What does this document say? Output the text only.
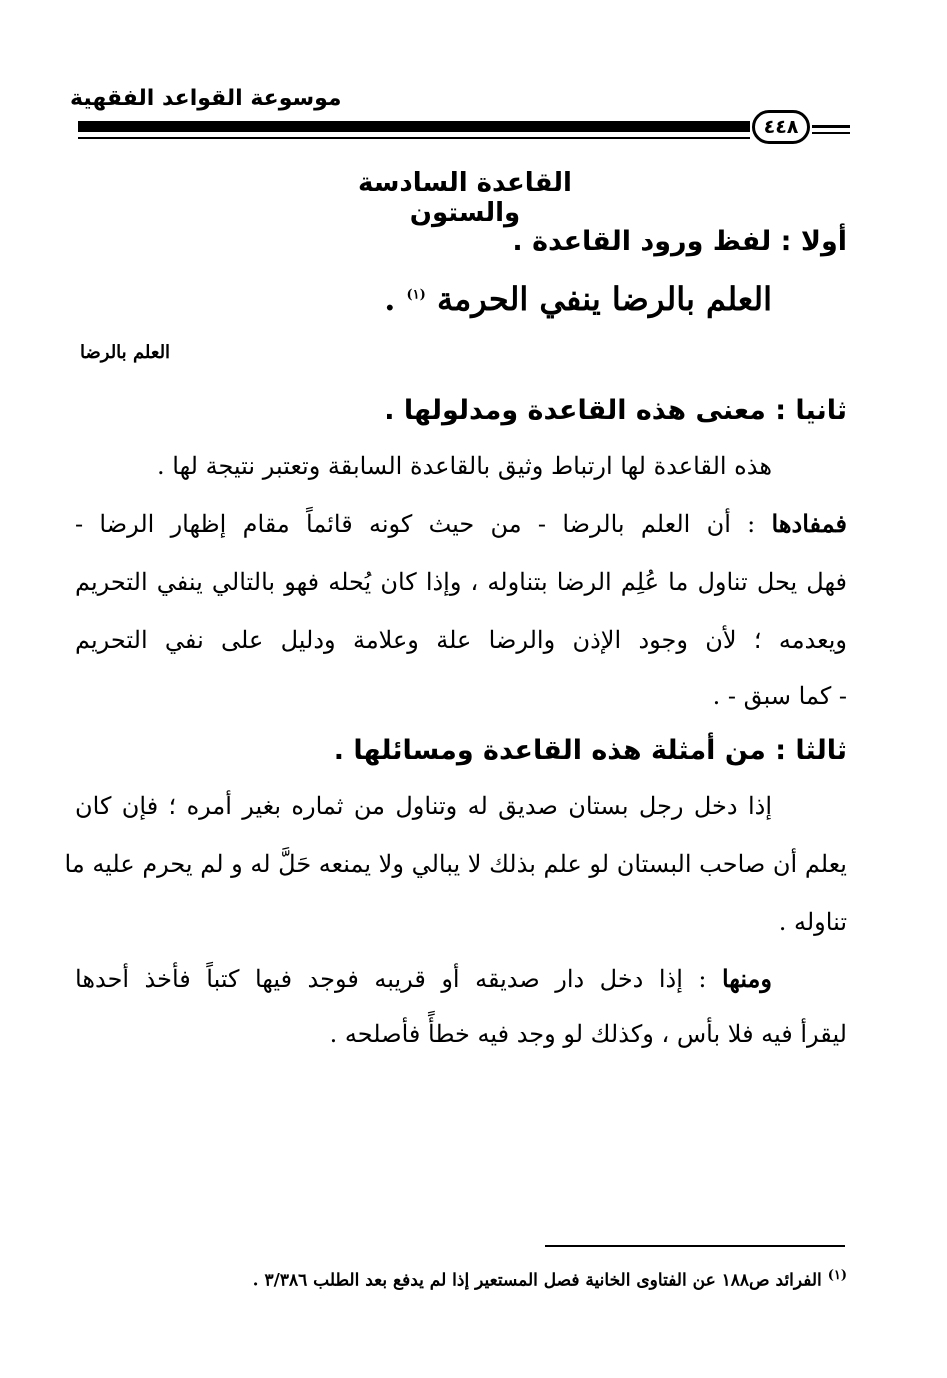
موسوعة القواعد الفقهية
٤٤٨
القاعدة السادسة والستون
أولا : لفظ ورود القاعدة .
العلم بالرضا ينفي الحرمة $^{(١)}$ .
العلم بالرضا
ثانيا : معنى هذه القاعدة ومدلولها .
هذه القاعدة لها ارتباط وثيق بالقاعدة السابقة وتعتبر نتيجة لها .
فمفادها : أن العلم بالرضا - من حيث كونه قائماً مقام إظهار الرضا -
فهل يحل تناول ما عُلِم الرضا بتناوله ، وإذا كان يُحله فهو بالتالي ينفي التحريم
ويعدمه ؛ لأن وجود الإذن والرضا علة وعلامة ودليل على نفي التحريم
- كما سبق - .
ثالثا : من أمثلة هذه القاعدة ومسائلها .
إذا دخل رجل بستان صديق له وتناول من ثماره بغير أمره ؛ فإن كان
يعلم أن صاحب البستان لو علم بذلك لا يبالي ولا يمنعه حَلَّ له و لم يحرم عليه ما
تناوله .
ومنها : إذا دخل دار صديقه أو قريبه فوجد فيها كتباً فأخذ أحدها
ليقرأ فيه فلا بأس ، وكذلك لو وجد فيه خطأً فأصلحه .
$^{(١)}$ الفرائد ص١٨٨ عن الفتاوى الخانية فصل المستعير إذا لم يدفع بعد الطلب ٣/٣٨٦ .
